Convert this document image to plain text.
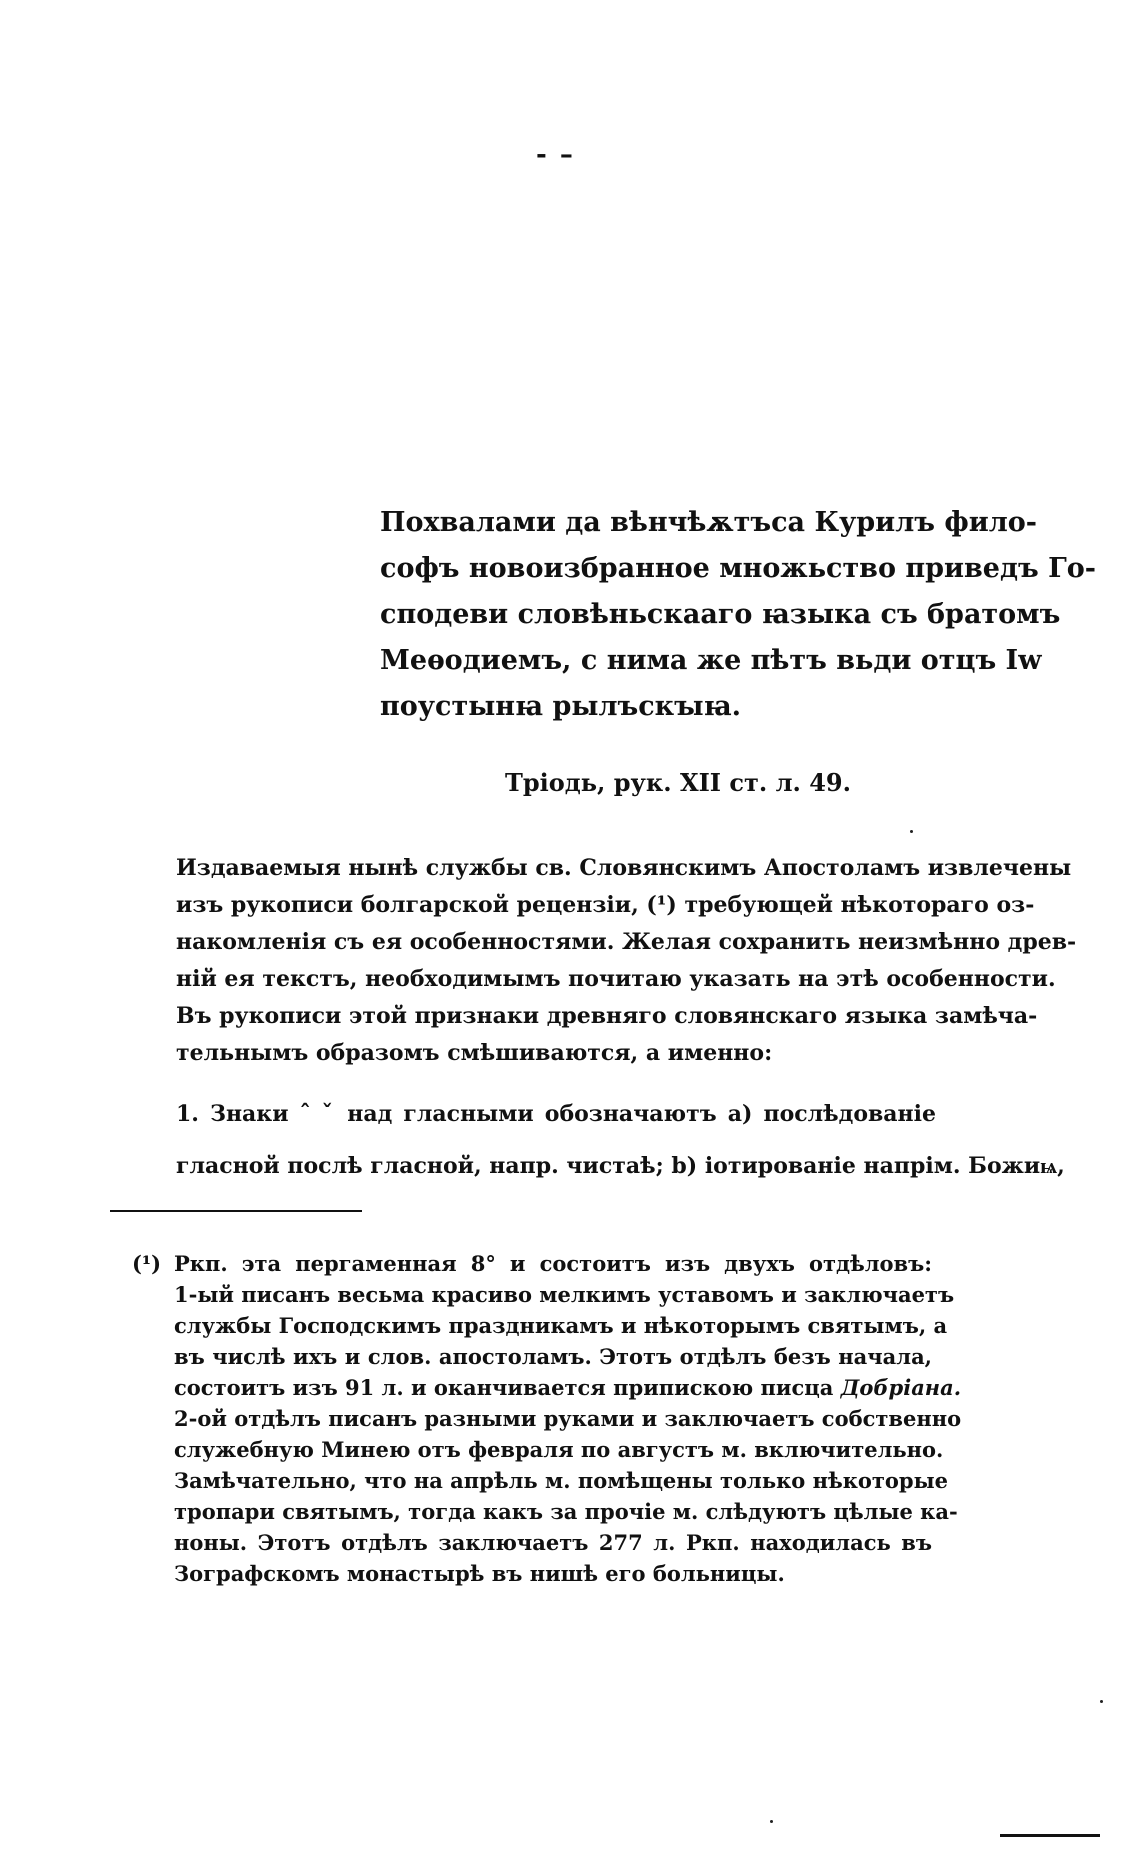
- –
Похвалами да вѣнчѣѫтъса Курилъ фило-
софъ новоизбранное множьство приведъ Го-
сподеви словѣньскааго ꙗзыка съ братомъ
Меѳодиемъ, с нима же пѣтъ вьди отцъ Іw
поустынꙗ рылъскꙑꙗ.
Тріодь, рук. XII ст. л. 49.
Издаваемыя нынѣ службы св. Словянскимъ Апостоламъ извлечены
изъ рукописи болгарской рецензіи, (¹) требующей нѣкотораго оз-
накомленія съ ея особенностями. Желая сохранить неизмѣнно древ-
ній ея текстъ, необходимымъ почитаю указать на этѣ особенности.
Въ рукописи этой признаки древняго словянскаго языка замѣча-
тельнымъ образомъ смѣшиваются, а именно:
1. Знаки ˆ ˇ над гласными обозначаютъ а) послѣдованіе
гласной послѣ гласной, напр. чистаѣ; b) іотированіе напрім. Божиѩ,
(¹) Ркп. эта пергаменная 8° и состоитъ изъ двухъ отдѣловъ:
1-ый писанъ весьма красиво мелкимъ уставомъ и заключаетъ
службы Господскимъ праздникамъ и нѣкоторымъ святымъ, а
въ числѣ ихъ и слов. апостоламъ. Этотъ отдѣлъ безъ начала,
состоитъ изъ 91 л. и оканчивается припискою писца Добріана.
2-ой отдѣлъ писанъ разными руками и заключаетъ собственно
служебную Минею отъ февраля по августъ м. включительно.
Замѣчательно, что на апрѣль м. помѣщены только нѣкоторые
тропари святымъ, тогда какъ за прочіе м. слѣдуютъ цѣлые ка-
ноны. Этотъ отдѣлъ заключаетъ 277 л. Ркп. находилась въ
Зографскомъ монастырѣ въ нишѣ его больницы.
